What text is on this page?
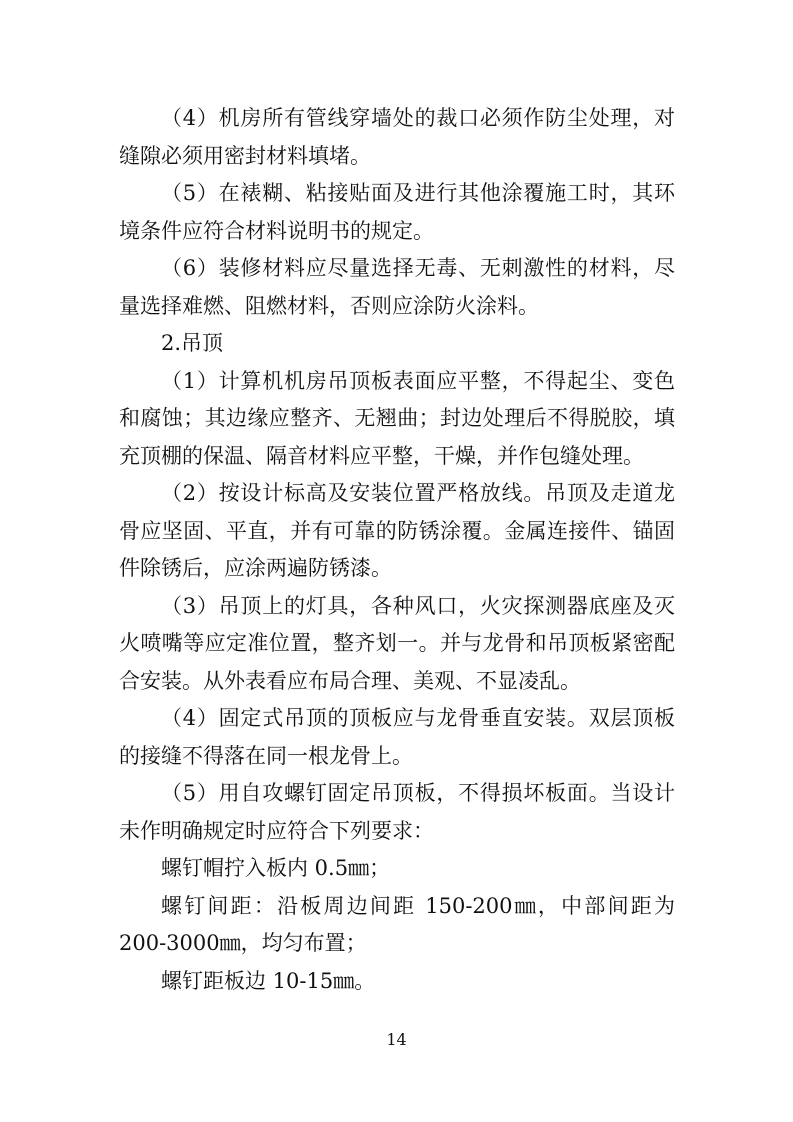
（4）机房所有管线穿墙处的裁口必须作防尘处理，对缝隙必须用密封材料填堵。

（5）在裱糊、粘接贴面及进行其他涂覆施工时，其环境条件应符合材料说明书的规定。

（6）装修材料应尽量选择无毒、无刺激性的材料，尽量选择难燃、阻燃材料，否则应涂防火涂料。

2.吊顶

（1）计算机机房吊顶板表面应平整，不得起尘、变色和腐蚀；其边缘应整齐、无翘曲；封边处理后不得脱胶，填充顶棚的保温、隔音材料应平整，干燥，并作包缝处理。

（2）按设计标高及安装位置严格放线。吊顶及走道龙骨应坚固、平直，并有可靠的防锈涂覆。金属连接件、锚固件除锈后，应涂两遍防锈漆。

（3）吊顶上的灯具，各种风口，火灾探测器底座及灭火喷嘴等应定准位置，整齐划一。并与龙骨和吊顶板紧密配合安装。从外表看应布局合理、美观、不显凌乱。

（4）固定式吊顶的顶板应与龙骨垂直安装。双层顶板的接缝不得落在同一根龙骨上。

（5）用自攻螺钉固定吊顶板，不得损坏板面。当设计未作明确规定时应符合下列要求：

螺钉帽拧入板内 0.5㎜；

螺钉间距：沿板周边间距 150-200㎜，中部间距为 200-3000㎜，均匀布置；

螺钉距板边 10-15㎜。

14
